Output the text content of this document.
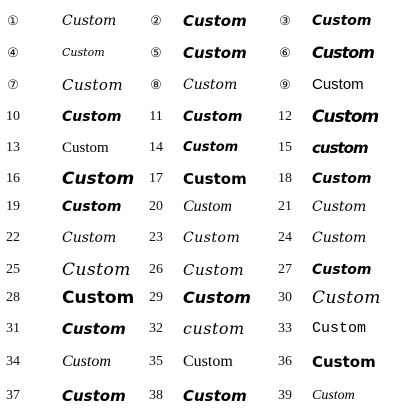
①	Custom	②	Custom	③	Custom
④	Custom	⑤	Custom	⑥	Custom
⑦	Custom	⑧	Custom	⑨	Custom
10	Custom	11	Custom	12	Custom
13	Custom	14	Custom	15	custom
16	Custom	17	Custom	18	Custom
19	Custom	20	Custom	21	Custom
22	Custom	23	Custom	24	Custom
25	Custom	26	Custom	27	Custom
28	Custom	29	Custom	30	Custom
31	Custom	32	custom	33	Custom
34	Custom	35	Custom	36	Custom
37	Custom	38	Custom	39	Custom
